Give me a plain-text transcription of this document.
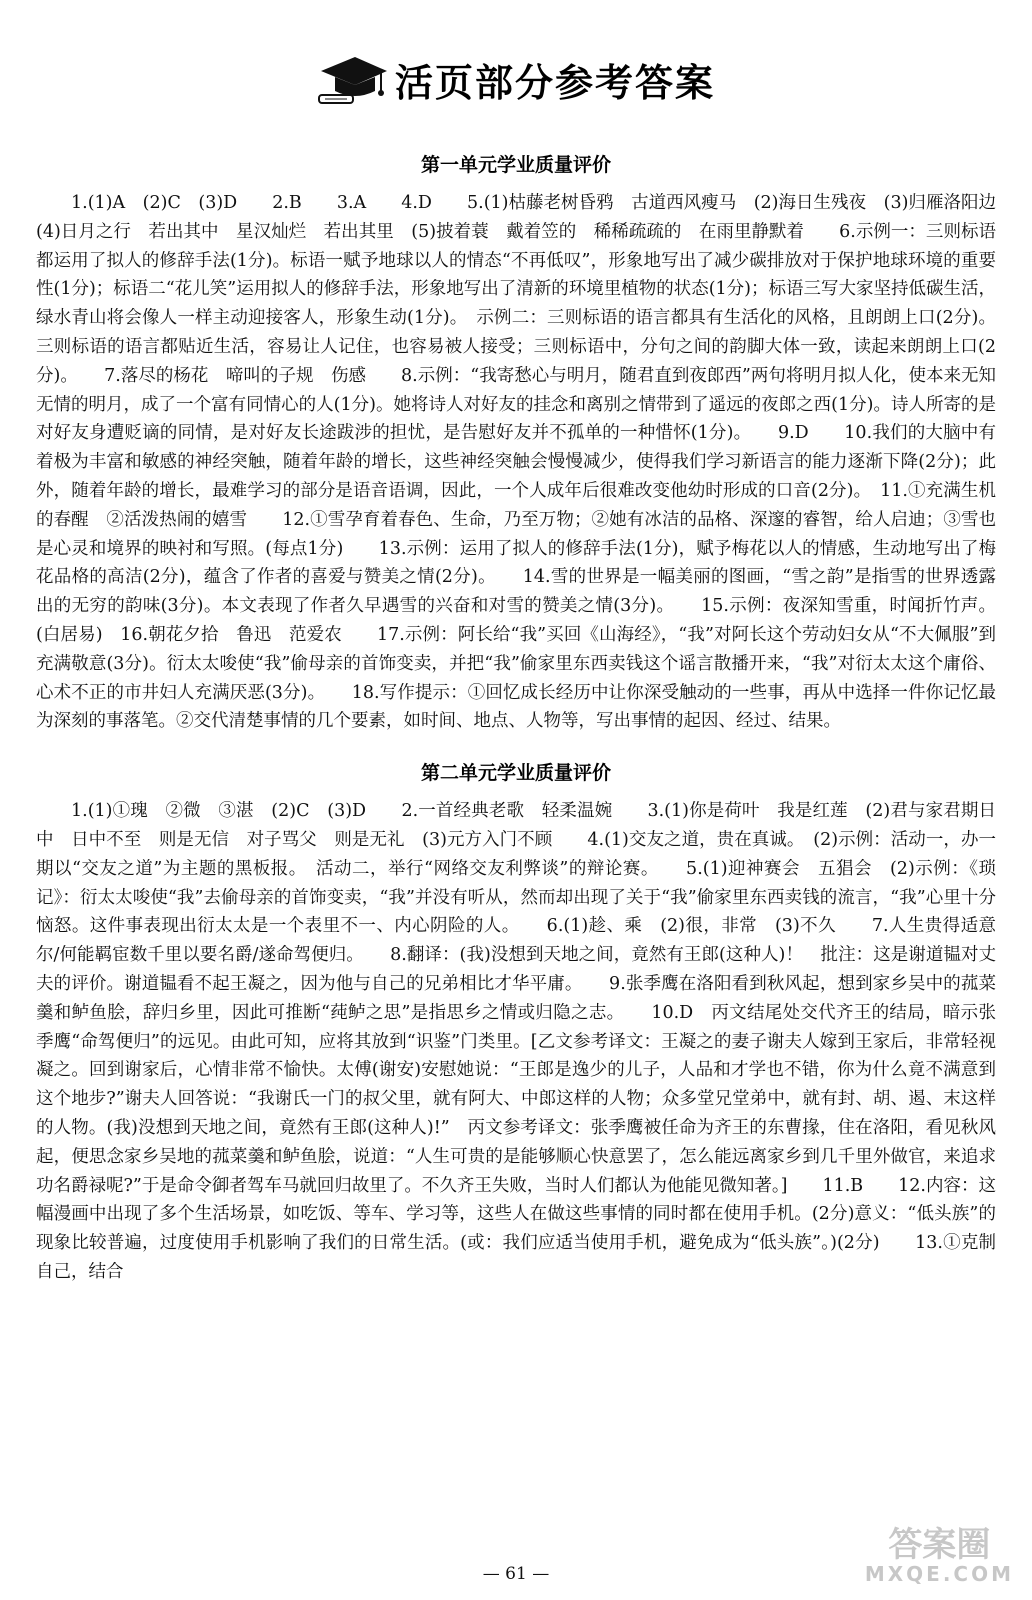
活页部分参考答案
第一单元学业质量评价

1.(1)A　(2)C　(3)D　　2.B　　3.A　　4.D　　5.(1)枯藤老树昏鸦　古道西风瘦马　(2)海日生残夜　(3)归雁洛阳边　(4)日月之行　若出其中　星汉灿烂　若出其里　(5)披着蓑　戴着笠的　稀稀疏疏的　在雨里静默着　　6.示例一：三则标语都运用了拟人的修辞手法(1分)。标语一赋予地球以人的情态“不再低叹”，形象地写出了减少碳排放对于保护地球环境的重要性(1分)；标语二“花儿笑”运用拟人的修辞手法，形象地写出了清新的环境里植物的状态(1分)；标语三写大家坚持低碳生活，绿水青山将会像人一样主动迎接客人，形象生动(1分)。　示例二：三则标语的语言都具有生活化的风格，且朗朗上口(2分)。三则标语的语言都贴近生活，容易让人记住，也容易被人接受；三则标语中，分句之间的韵脚大体一致，读起来朗朗上口(2分)。　　7.落尽的杨花　啼叫的子规　伤感　　8.示例：“我寄愁心与明月，随君直到夜郎西”两句将明月拟人化，使本来无知无情的明月，成了一个富有同情心的人(1分)。她将诗人对好友的挂念和离别之情带到了遥远的夜郎之西(1分)。诗人所寄的是对好友身遭贬谪的同情，是对好友长途跋涉的担忧，是告慰好友并不孤单的一种惜怀(1分)。　　9.D　　10.我们的大脑中有着极为丰富和敏感的神经突触，随着年龄的增长，这些神经突触会慢慢减少，使得我们学习新语言的能力逐渐下降(2分)；此外，随着年龄的增长，最难学习的部分是语音语调，因此，一个人成年后很难改变他幼时形成的口音(2分)。　11.①充满生机的春醒　②活泼热闹的嬉雪　　12.①雪孕育着春色、生命，乃至万物；②她有冰洁的品格、深邃的睿智，给人启迪；③雪也是心灵和境界的映衬和写照。(每点1分)　　13.示例：运用了拟人的修辞手法(1分)，赋予梅花以人的情感，生动地写出了梅花品格的高洁(2分)，蕴含了作者的喜爱与赞美之情(2分)。　　14.雪的世界是一幅美丽的图画，“雪之韵”是指雪的世界透露出的无穷的韵味(3分)。本文表现了作者久早遇雪的兴奋和对雪的赞美之情(3分)。　　15.示例：夜深知雪重，时闻折竹声。(白居易)　16.朝花夕拾　鲁迅　范爱农　　17.示例：阿长给“我”买回《山海经》，“我”对阿长这个劳动妇女从“不大佩服”到充满敬意(3分)。衍太太唆使“我”偷母亲的首饰变卖，并把“我”偷家里东西卖钱这个谣言散播开来，“我”对衍太太这个庸俗、心术不正的市井妇人充满厌恶(3分)。　　18.写作提示：①回忆成长经历中让你深受触动的一些事，再从中选择一件你记忆最为深刻的事落笔。②交代清楚事情的几个要素，如时间、地点、人物等，写出事情的起因、经过、结果。

第二单元学业质量评价

1.(1)①瑰　②微　③湛　(2)C　(3)D　　2.一首经典老歌　轻柔温婉　　3.(1)你是荷叶　我是红莲　(2)君与家君期日中　日中不至　则是无信　对子骂父　则是无礼　(3)元方入门不顾　　4.(1)交友之道，贵在真诚。　(2)示例：活动一，办一期以“交友之道”为主题的黑板报。　活动二，举行“网络交友利弊谈”的辩论赛。　　5.(1)迎神赛会　五猖会　(2)示例：《琐记》：衍太太唆使“我”去偷母亲的首饰变卖，“我”并没有听从，然而却出现了关于“我”偷家里东西卖钱的流言，“我”心里十分恼怒。这件事表现出衍太太是一个表里不一、内心阴险的人。　　6.(1)趁、乘　(2)很，非常　(3)不久　　7.人生贵得适意尔/何能羁宦数千里以要名爵/遂命驾便归。　　8.翻译：(我)没想到天地之间，竟然有王郎(这种人)！　批注：这是谢道韫对丈夫的评价。谢道韫看不起王凝之，因为他与自己的兄弟相比才华平庸。　　9.张季鹰在洛阳看到秋风起，想到家乡吴中的菰菜羹和鲈鱼脍，辞归乡里，因此可推断“莼鲈之思”是指思乡之情或归隐之志。　　10.D　丙文结尾处交代齐王的结局，暗示张季鹰“命驾便归”的远见。由此可知，应将其放到“识鉴”门类里。[乙文参考译文：王凝之的妻子谢夫人嫁到王家后，非常轻视凝之。回到谢家后，心情非常不愉快。太傅(谢安)安慰她说：“王郎是逸少的儿子，人品和才学也不错，你为什么竟不满意到这个地步?”谢夫人回答说：“我谢氏一门的叔父里，就有阿大、中郎这样的人物；众多堂兄堂弟中，就有封、胡、遏、末这样的人物。(我)没想到天地之间，竟然有王郎(这种人)!”　丙文参考译文：张季鹰被任命为齐王的东曹掾，住在洛阳，看见秋风起，便思念家乡吴地的菰菜羹和鲈鱼脍，说道：“人生可贵的是能够顺心快意罢了，怎么能远离家乡到几千里外做官，来追求功名爵禄呢?”于是命令御者驾车马就回归故里了。不久齐王失败，当时人们都认为他能见微知著。]　　11.B　　12.内容：这幅漫画中出现了多个生活场景，如吃饭、等车、学习等，这些人在做这些事情的同时都在使用手机。(2分)意义：“低头族”的现象比较普遍，过度使用手机影响了我们的日常生活。(或：我们应适当使用手机，避免成为“低头族”。)(2分)　　13.①克制自己，结合

— 61 —
答案圈
MXQE.COM
